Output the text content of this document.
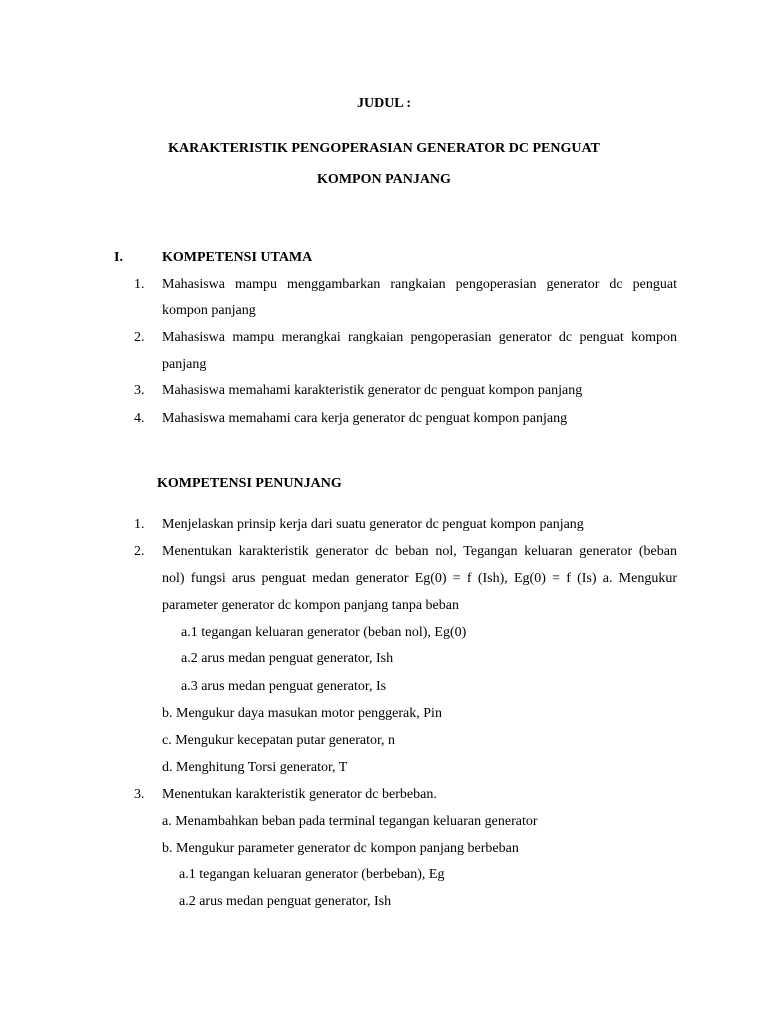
JUDUL :
KARAKTERISTIK PENGOPERASIAN GENERATOR DC PENGUAT
KOMPON PANJANG
I.	KOMPETENSI UTAMA
1. Mahasiswa mampu menggambarkan rangkaian pengoperasian generator dc penguat
kompon panjang
2. Mahasiswa mampu merangkai rangkaian pengoperasian generator dc penguat kompon
panjang
3. Mahasiswa memahami karakteristik generator dc penguat kompon panjang
4. Mahasiswa memahami cara kerja generator dc penguat kompon panjang
KOMPETENSI PENUNJANG
1. Menjelaskan prinsip kerja dari suatu generator dc penguat kompon panjang
2. Menentukan karakteristik generator dc beban nol, Tegangan keluaran generator (beban
nol) fungsi arus penguat medan generator Eg(0) = f (Ish), Eg(0) = f (Is) a. Mengukur
parameter generator dc kompon panjang tanpa beban
a.1 tegangan keluaran generator (beban nol), Eg(0)
a.2 arus medan penguat generator, Ish
a.3 arus medan penguat generator, Is
b. Mengukur daya masukan motor penggerak, Pin
c. Mengukur kecepatan putar generator, n
d. Menghitung Torsi generator, T
3. Menentukan karakteristik generator dc berbeban.
a. Menambahkan beban pada terminal tegangan keluaran generator
b. Mengukur parameter generator dc kompon panjang berbeban
a.1 tegangan keluaran generator (berbeban), Eg
a.2 arus medan penguat generator, Ish
